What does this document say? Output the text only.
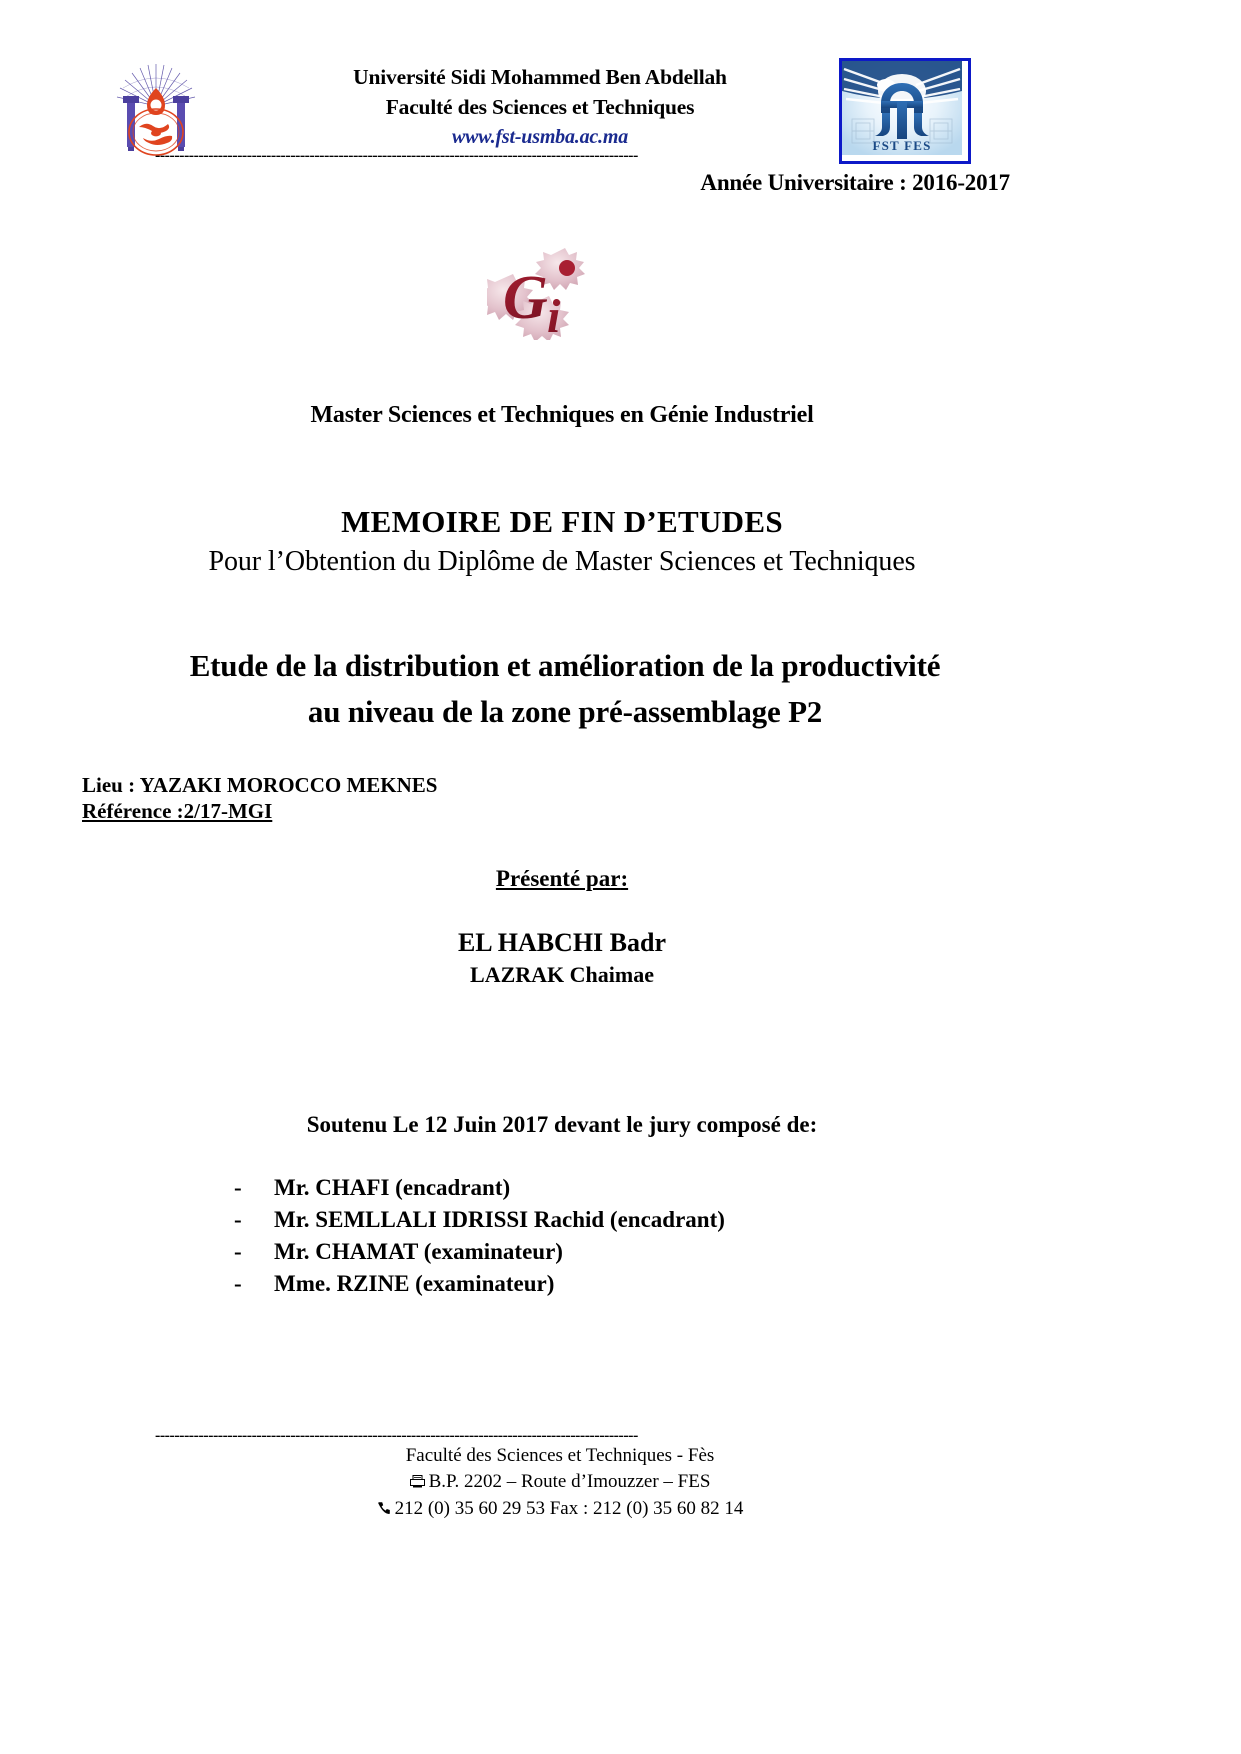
Université Sidi Mohammed Ben Abdellah
Faculté des Sciences et Techniques
www.fst-usmba.ac.ma	FST FES
----------------------------------------------------------------------------------------------------
Année Universitaire : 2016-2017
G i
Master Sciences et Techniques en Génie Industriel
MEMOIRE DE FIN D’ETUDES
Pour l’Obtention du Diplôme de Master Sciences et Techniques
Etude de la distribution et amélioration de la productivité
au niveau de la zone pré-assemblage P2
Lieu : YAZAKI MOROCCO MEKNES
Référence :2/17-MGI
Présenté par:
EL HABCHI Badr
LAZRAK Chaimae
Soutenu Le 12 Juin 2017 devant le jury composé de:
- Mr. CHAFI (encadrant)
- Mr. SEMLLALI IDRISSI Rachid (encadrant)
- Mr. CHAMAT (examinateur)
- Mme. RZINE (examinateur)
----------------------------------------------------------------------------------------------------
Faculté des Sciences et Techniques - Fès
B.P. 2202 – Route d’Imouzzer – FES
212 (0) 35 60 29 53 Fax : 212 (0) 35 60 82 14
